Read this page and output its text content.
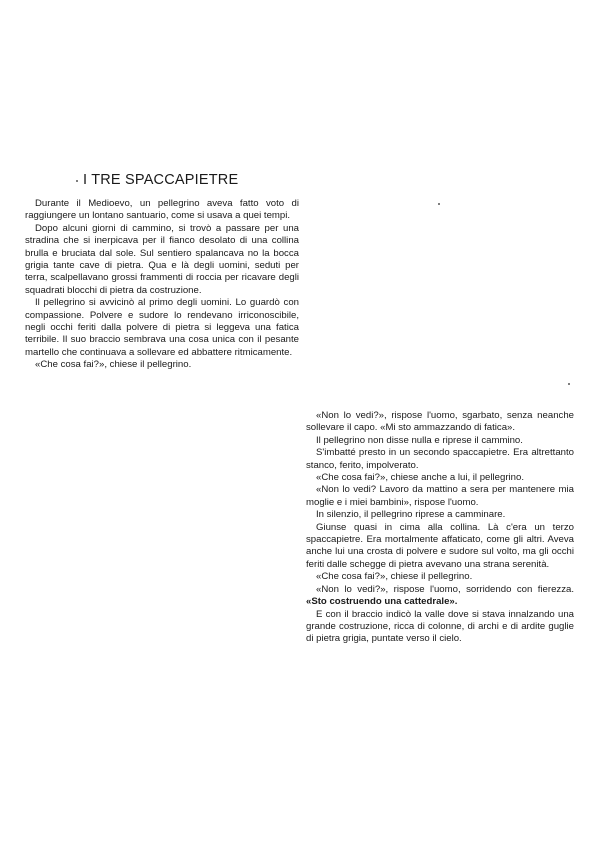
I TRE SPACCAPIETRE

Durante il Medioevo, un pellegrino aveva fatto voto di raggiungere un lontano santuario, come si usava a quei tempi.

Dopo alcuni giorni di cammino, si trovò a passare per una stradina che si inerpicava per il fianco desolato di una collina brulla e bruciata dal sole. Sul sentiero spalancava no la bocca grigia tante cave di pietra. Qua e là degli uomini, seduti per terra, scalpellavano grossi frammenti di roccia per ricavare degli squadrati blocchi di pietra da costruzione.

Il pellegrino si avvicinò al primo degli uomini. Lo guardò con compassione. Polvere e sudore lo rendevano irriconoscibile, negli occhi feriti dalla polvere di pietra si leggeva una fatica terribile. Il suo braccio sembrava una cosa unica con il pesante martello che continuava a sollevare ed abbattere ritmicamente.

«Che cosa fai?», chiese il pellegrino.

«Non lo vedi?», rispose l'uomo, sgarbato, senza neanche sollevare il capo. «Mi sto ammazzando di fatica».

Il pellegrino non disse nulla e riprese il cammino.

S'imbatté presto in un secondo spaccapietre. Era altrettanto stanco, ferito, impolverato.

«Che cosa fai?», chiese anche a lui, il pellegrino.

«Non lo vedi? Lavoro da mattino a sera per mantenere mia moglie e i miei bambini», rispose l'uomo.

In silenzio, il pellegrino riprese a camminare.

Giunse quasi in cima alla collina. Là c'era un terzo spaccapietre. Era mortalmente affaticato, come gli altri. Aveva anche lui una crosta di polvere e sudore sul volto, ma gli occhi feriti dalle schegge di pietra avevano una strana serenità.

«Che cosa fai?», chiese il pellegrino.

«Non lo vedi?», rispose l'uomo, sorridendo con fierezza. «Sto costruendo una cattedrale».

E con il braccio indicò la valle dove si stava innalzando una grande costruzione, ricca di colonne, di archi e di ardite guglie di pietra grigia, puntate verso il cielo.
